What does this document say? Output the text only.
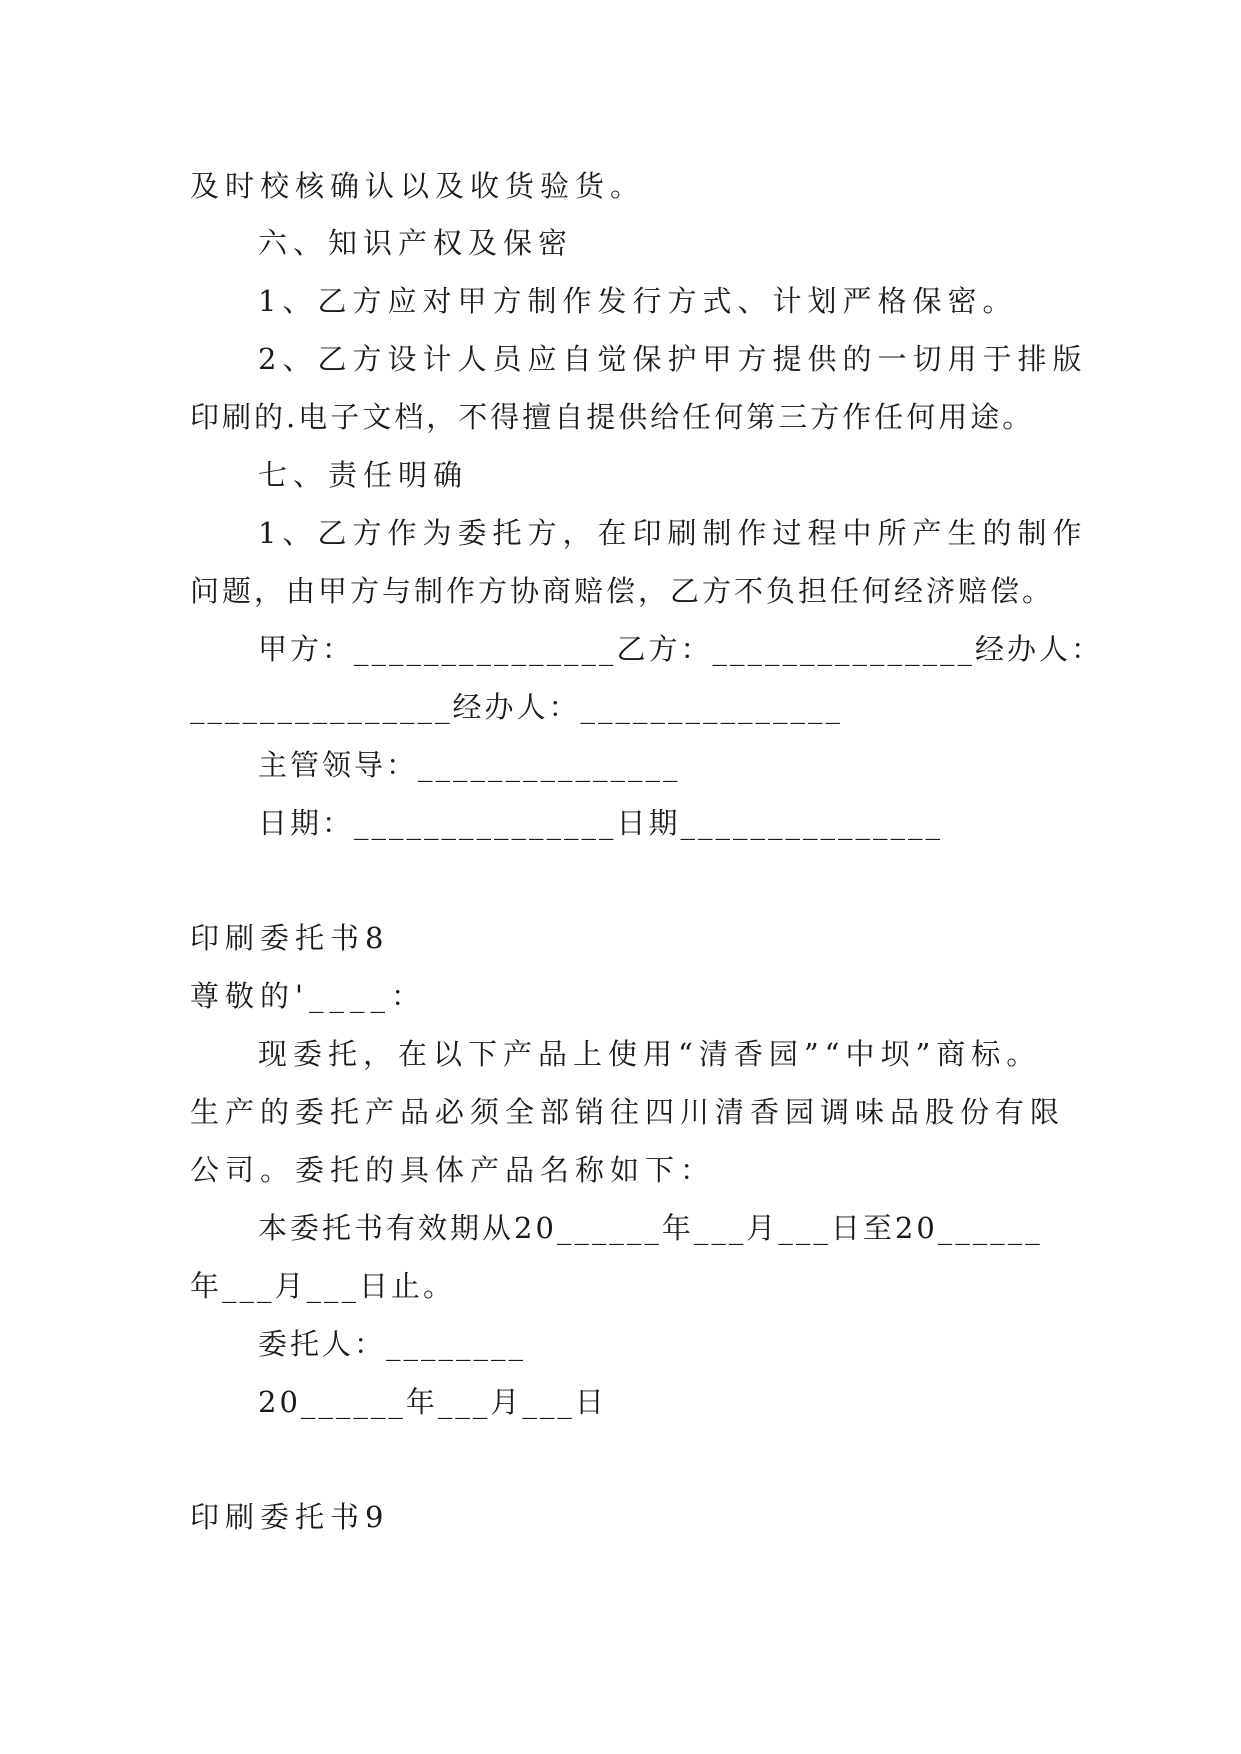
及时校核确认以及收货验货。
六、知识产权及保密
1、乙方应对甲方制作发行方式、计划严格保密。
2、乙方设计人员应自觉保护甲方提供的一切用于排版
印刷的.电子文档，不得擅自提供给任何第三方作任何用途。
七、责任明确
1、乙方作为委托方，在印刷制作过程中所产生的制作
问题，由甲方与制作方协商赔偿，乙方不负担任何经济赔偿。
甲方：_______________乙方：_______________经办人：
_______________经办人：_______________
主管领导：_______________
日期：_______________日期_______________
印刷委托书8
尊敬的'____：
现委托，在以下产品上使用“清香园”“中坝”商标。
生产的委托产品必须全部销往四川清香园调味品股份有限
公司。委托的具体产品名称如下：
本委托书有效期从20______年___月___日至20______
年___月___日止。
委托人：________
20______年___月___日
印刷委托书9
